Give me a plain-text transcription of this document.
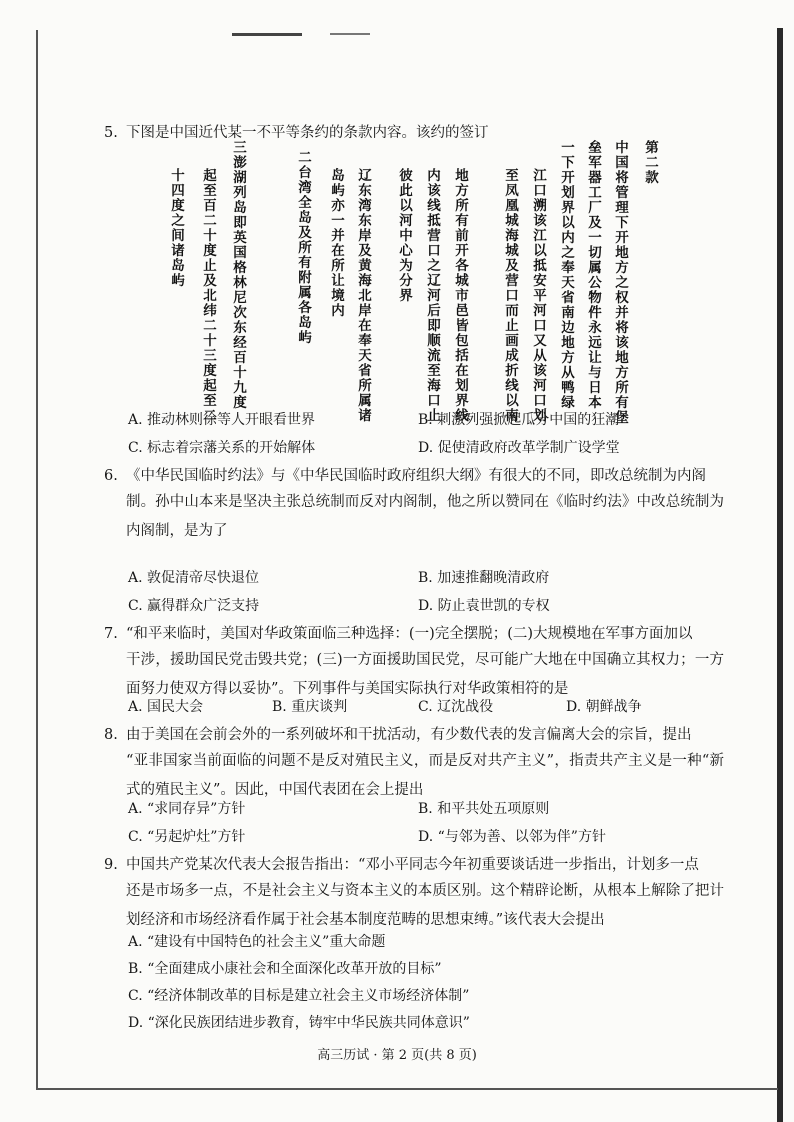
5. 下图是中国近代某一不平等条约的条款内容。该约的签订
第二款
中国将管理下开地方之权并将该地方所有堡
垒军器工厂及一切属公物件永远让与日本
一下开划界以内之奉天省南边地方从鸭绿
江口溯该江以抵安平河口又从该河口划
至凤凰城海城及营口而止画成折线以南
地方所有前开各城市邑皆包括在划界线
内该线抵营口之辽河后即顺流至海口止
彼此以河中心为分界
辽东湾东岸及黄海北岸在奉天省所属诸
岛屿亦一并在所让境内
二台湾全岛及所有附属各岛屿
三澎湖列岛即英国格林尼次东经百十九度
起至百二十度止及北纬二十三度起至二
十四度之间诸岛屿
A. 推动林则徐等人开眼看世界	B. 刺激列强掀起瓜分中国的狂潮
C. 标志着宗藩关系的开始解体	D. 促使清政府改革学制广设学堂
6. 《中华民国临时约法》与《中华民国临时政府组织大纲》有很大的不同，即改总统制为内阁
制。孙中山本来是坚决主张总统制而反对内阁制，他之所以赞同在《临时约法》中改总统制为内阁制，是为了
A. 敦促清帝尽快退位	B. 加速推翻晚清政府
C. 赢得群众广泛支持	D. 防止袁世凯的专权
7. “和平来临时，美国对华政策面临三种选择：(一)完全摆脱；(二)大规模地在军事方面加以
干涉，援助国民党击毁共党；(三)一方面援助国民党，尽可能广大地在中国确立其权力；一方面努力使双方得以妥协”。下列事件与美国实际执行对华政策相符的是
A. 国民大会	B. 重庆谈判	C. 辽沈战役	D. 朝鲜战争
8. 由于美国在会前会外的一系列破坏和干扰活动，有少数代表的发言偏离大会的宗旨，提出
“亚非国家当前面临的问题不是反对殖民主义，而是反对共产主义”，指责共产主义是一种“新式的殖民主义”。因此，中国代表团在会上提出
A. “求同存异”方针	B. 和平共处五项原则
C. “另起炉灶”方针	D. “与邻为善、以邻为伴”方针
9. 中国共产党某次代表大会报告指出：“邓小平同志今年初重要谈话进一步指出，计划多一点
还是市场多一点，不是社会主义与资本主义的本质区别。这个精辟论断，从根本上解除了把计划经济和市场经济看作属于社会基本制度范畴的思想束缚。”该代表大会提出
A. “建设有中国特色的社会主义”重大命题
B. “全面建成小康社会和全面深化改革开放的目标”
C. “经济体制改革的目标是建立社会主义市场经济体制”
D. “深化民族团结进步教育，铸牢中华民族共同体意识”
高三历试 · 第 2 页(共 8 页)
